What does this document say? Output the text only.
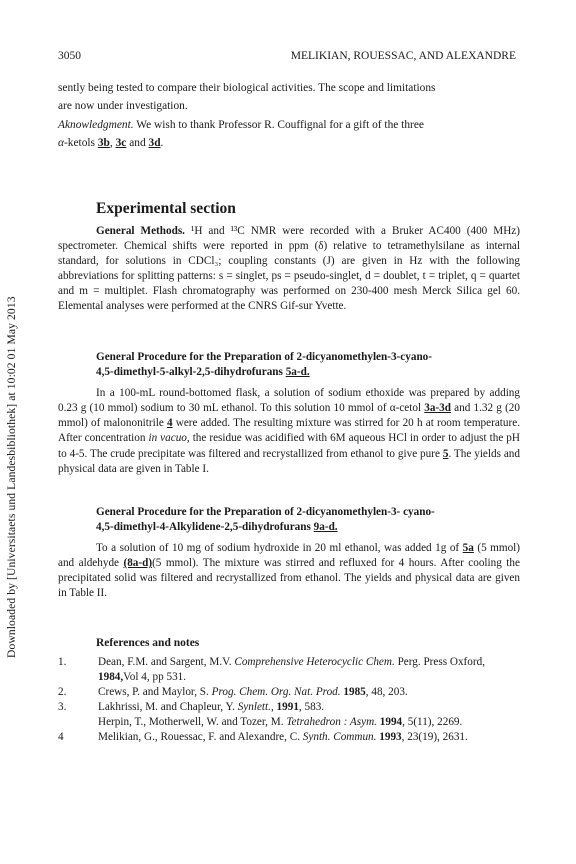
Downloaded by [Universitaets und Landesbibliothek] at 10:02 01 May 2013
3050	MELIKIAN, ROUESSAC, AND ALEXANDRE

sently being tested to compare their biological activities. The scope and limitations

are now under investigation.

Aknowledgment. We wish to thank Professor R. Couffignal for a gift of the three
α-ketols 3b, 3c and 3d.

Experimental section

General Methods. ¹H and ¹³C NMR were recorded with a Bruker AC400 (400 MHz) spectrometer. Chemical shifts were reported in ppm (δ) relative to tetramethylsilane as internal standard, for solutions in CDCl₃; coupling constants (J) are given in Hz with the following abbreviations for splitting patterns: s = singlet, ps = pseudo-singlet, d = doublet, t = triplet, q = quartet and m = multiplet. Flash chromatography was performed on 230-400 mesh Merck Silica gel 60. Elemental analyses were performed at the CNRS Gif-sur Yvette.

General Procedure for the Preparation of 2-dicyanomethylen-3-cyano-
4,5-dimethyl-5-alkyl-2,5-dihydrofurans 5a-d.

In a 100-mL round-bottomed flask, a solution of sodium ethoxide was prepared by adding 0.23 g (10 mmol) sodium to 30 mL ethanol. To this solution 10 mmol of α-cetol 3a-3d and 1.32 g (20 mmol) of malononitrile 4 were added. The resulting mixture was stirred for 20 h at room temperature. After concentration in vacuo, the residue was acidified with 6M aqueous HCl in order to adjust the pH to 4-5. The crude precipitate was filtered and recrystallized from ethanol to give pure 5. The yields and physical data are given in Table I.

General Procedure for the Preparation of 2-dicyanomethylen-3- cyano-
4,5-dimethyl-4-Alkylidene-2,5-dihydrofurans 9a-d.

To a solution of 10 mg of sodium hydroxide in 20 ml ethanol, was added 1g of 5a (5 mmol) and aldehyde (8a-d)(5 mmol). The mixture was stirred and refluxed for 4 hours. After cooling the precipitated solid was filtered and recrystallized from ethanol. The yields and physical data are given in Table II.

References and notes

1.	Dean, F.M. and Sargent, M.V. Comprehensive Heterocyclic Chem. Perg. Press Oxford, 1984,Vol 4, pp 531.
2.	Crews, P. and Maylor, S. Prog. Chem. Org. Nat. Prod. 1985, 48, 203.
3.	Lakhrissi, M. and Chapleur, Y. Synlett., 1991, 583.
Herpin, T., Motherwell, W. and Tozer, M. Tetrahedron : Asym. 1994, 5(11), 2269.
4	Melikian, G., Rouessac, F. and Alexandre, C. Synth. Commun. 1993, 23(19), 2631.
